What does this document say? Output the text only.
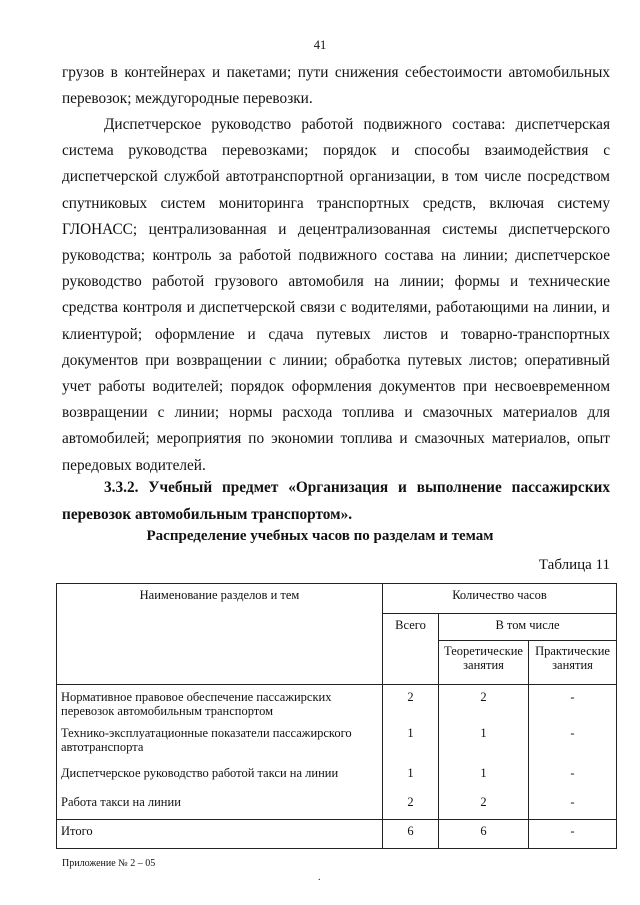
41

грузов в контейнерах и пакетами; пути снижения себестоимости автомобильных перевозок; междугородные перевозки.

Диспетчерское руководство работой подвижного состава: диспетчерская система руководства перевозками; порядок и способы взаимодействия с диспетчерской службой автотранспортной организации, в том числе посредством спутниковых систем мониторинга транспортных средств, включая систему ГЛОНАСС; централизованная и децентрализованная системы диспетчерского руководства; контроль за работой подвижного состава на линии; диспетчерское руководство работой грузового автомобиля на линии; формы и технические средства контроля и диспетчерской связи с водителями, работающими на линии, и клиентурой; оформление и сдача путевых листов и товарно-транспортных документов при возвращении с линии; обработка путевых листов; оперативный учет работы водителей; порядок оформления документов при несвоевременном возвращении с линии; нормы расхода топлива и смазочных материалов для автомобилей; мероприятия по экономии топлива и смазочных материалов, опыт передовых водителей.

3.3.2. Учебный предмет «Организация и выполнение пассажирских перевозок автомобильным транспортом».

Распределение учебных часов по разделам и темам
Таблица 11
Наименование разделов и тем	Количество часов		
	Всего	В том числе	
		Теоретические занятия	Практические занятия
Нормативное правовое обеспечение пассажирских перевозок автомобильным транспортом	2	2	-
Технико-эксплуатационные показатели пассажирского автотранспорта	1	1	-
Диспетчерское руководство работой такси на линии	1	1	-
Работа такси на линии	2	2	-
Итого	6	6	-
Приложение № 2 – 05
.
